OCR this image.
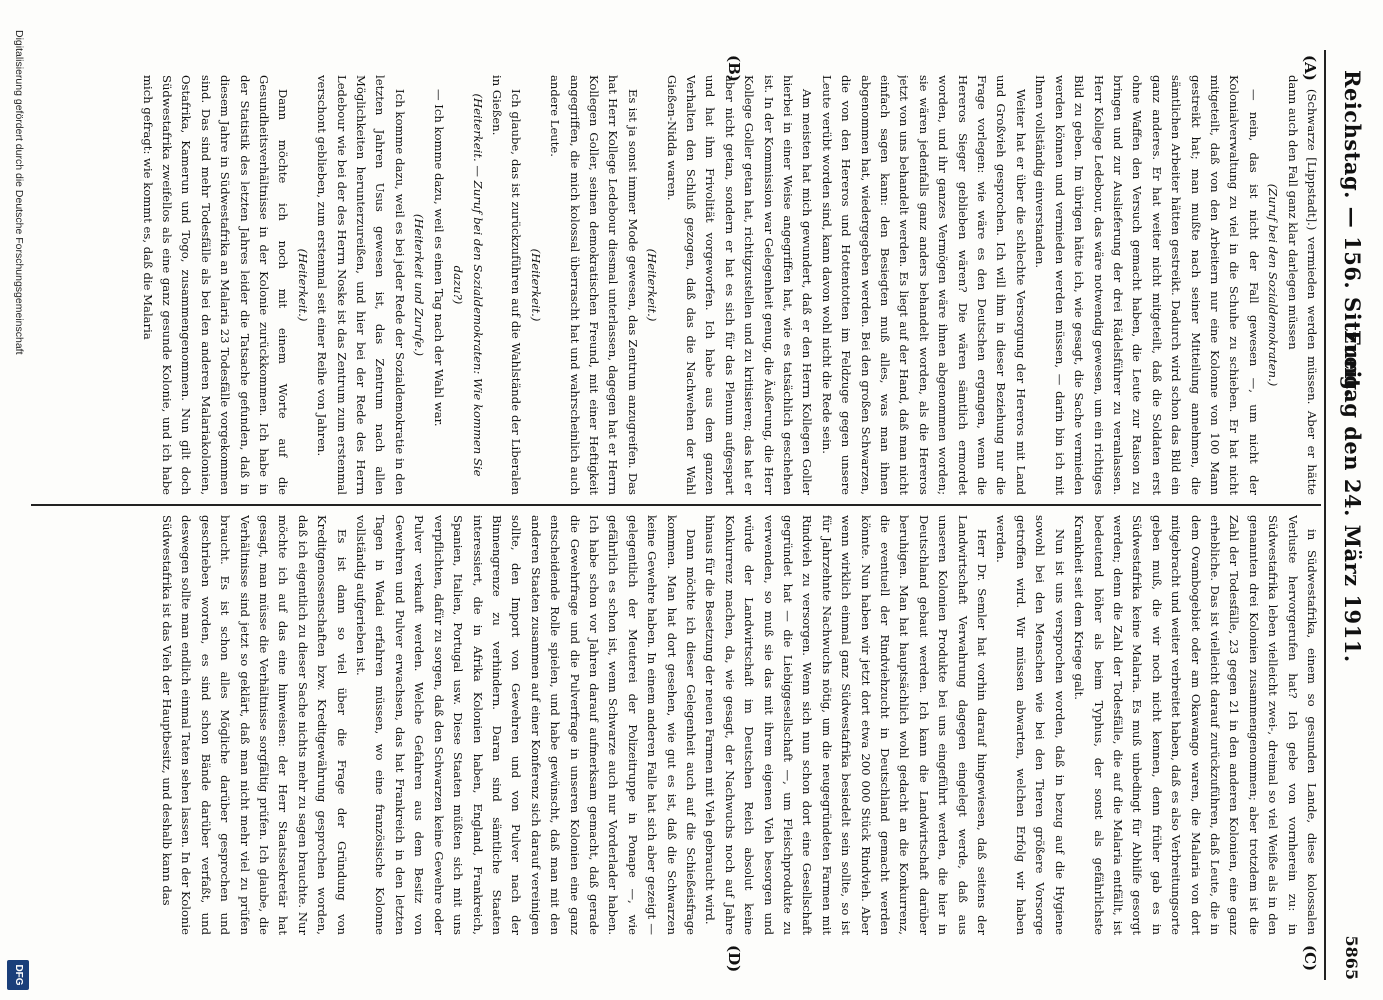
Reichstag. — 156. Sitzung.
Freitag den 24. März 1911.
5865
(A)
(B)
(C)
(D)

(Schwarze [Lippstadt].) vermieden werden müssen. Aber er hätte dann auch den Fall ganz klar darlegen müssen

(Zuruf bei den Sozialdemokraten.)

— nein, das ist nicht der Fall gewesen —, um nicht der Kolonialverwaltung zu viel in die Schuhe zu schieben. Er hat nicht mitgeteilt, daß von den Arbeitern nur eine Kolonne von 100 Mann gestreikt hat; man mußte nach seiner Mitteilung annehmen, die sämtlichen Arbeiter hätten gestreikt. Dadurch wird schon das Bild ein ganz anderes. Er hat weiter nicht mitgeteilt, daß die Soldaten erst ohne Waffen den Versuch gemacht haben, die Leute zur Raison zu bringen und zur Auslieferung der drei Rädelsführer zu veranlassen. Herr Kollege Ledebour, das wäre notwendig gewesen, um ein richtiges Bild zu geben. Im übrigen hätte ich, wie gesagt, die Sache vermieden werden können und vermieden werden müssen, — darin bin ich mit Ihnen vollständig einverstanden.

Weiter hat er über die schlechte Versorgung der Hereros mit Land und Großvieh gesprochen. Ich will ihm in dieser Beziehung nur die Frage vorlegen: wie wäre es den Deutschen ergangen, wenn die Hereros Sieger geblieben wären? Die wären sämtlich ermordet worden, und ihr ganzes Vermögen wäre ihnen abgenommen worden; sie wären jedenfalls ganz anders behandelt worden, als die Hereros jetzt von uns behandelt werden. Es liegt auf der Hand, daß man nicht einfach sagen kann: den Besiegten muß alles, was man ihnen abgenommen hat, wiedergegeben werden. Bei den großen Schwarzen, die von den Hereros und Hottentotten im Feldzuge gegen unsere Leute verübt worden sind, kann davon wohl nicht die Rede sein.

Am meisten hat mich gewundert, daß er den Herrn Kollegen Goller hierbei in einer Weise angegriffen hat, wie es tatsächlich geschehen ist. In der Kommission war Gelegenheit genug, die Äußerung, die Herr Kollege Goller getan hat, richtigzustellen und zu kritisieren; das hat er aber nicht getan, sondern er hat es sich für das Plenum aufgespart und hat ihm Frivolität vorgeworfen. Ich habe aus dem ganzen Verhalten den Schluß gezogen, daß das die Nachwehen der Wahl Gießen-Nidda waren.

(Heiterkeit.)

Es ist ja sonst immer Mode gewesen, das Zentrum anzugreifen. Das hat Herr Kollege Ledebour diesmal unterlassen, dagegen hat er Herrn Kollegen Goller, seinen demokratischen Freund, mit einer Heftigkeit angegriffen, die mich kolossal überrascht hat und wahrscheinlich auch andere Leute.

(Heiterkeit.)

Ich glaube, das ist zurückzuführen auf die Wahlstände der Liberalen in Gießen.

(Heiterkeit. — Zuruf bei den Sozialdemokraten: Wie kommen Sie dazu?)

— Ich komme dazu, weil es einen Tag nach der Wahl war.

(Heiterkeit und Zurufe.)

Ich komme dazu, weil es bei jeder Rede der Sozialdemokratie in den letzten Jahren Usus gewesen ist, das Zentrum nach allen Möglichkeiten herunterzureißen, und hier bei der Rede des Herrn Ledebour wie bei der des Herrn Noske ist das Zentrum zum erstenmal verschont geblieben, zum erstenmal seit einer Reihe von Jahren.

(Heiterkeit.)

Dann möchte ich noch mit einem Worte auf die Gesundheitsverhältnisse in der Kolonie zurückkommen. Ich habe in der Statistik des letzten Jahres leider die Tatsache gefunden, daß in diesem Jahre in Südwestafrika an Malaria 23 Todesfälle vorgekommen sind. Das sind mehr Todesfälle als bei den anderen Malariakolonien, Ostafrika, Kamerun und Togo, zusammengenommen. Nun gilt doch Südwestafrika zweifellos als eine ganz gesunde Kolonie, und ich habe mich gefragt: wie kommt es, daß die Malaria

in Südwestafrika, einem so gesunden Lande, diese kolossalen Verluste hervorgerufen hat? Ich gebe von vornherein zu: in Südwestafrika leben vielleicht zwei-, dreimal so viel Weiße als in den genannten drei Kolonien zusammengenommen; aber trotzdem ist die Zahl der Todesfälle, 23 gegen 21 in den anderen Kolonien, eine ganz erhebliche. Das ist vielleicht darauf zurückzuführen, daß Leute, die in dem Ovambogebiet oder am Okawango waren, die Malaria von dort mitgebracht und weiter verbreitet haben, daß es also Verbreitungsorte geben muß, die wir noch nicht kennen, denn früher gab es in Südwestafrika keine Malaria. Es muß unbedingt für Abhilfe gesorgt werden; denn die Zahl der Todesfälle, die auf die Malaria entfällt, ist bedeutend höher als beim Typhus, der sonst als gefährlichste Krankheit seit dem Kriege galt.

Nun ist uns versprochen worden, daß in bezug auf die Hygiene sowohl bei den Menschen wie bei den Tieren größere Vorsorge getroffen wird. Wir müssen abwarten, welchen Erfolg wir haben werden.

Herr Dr. Semler hat vorhin darauf hingewiesen, daß seitens der Landwirtschaft Verwahrung dagegen eingelegt werde, daß aus unseren Kolonien Produkte bei uns eingeführt werden, die hier in Deutschland gebaut werden. Ich kann die Landwirtschaft darüber beruhigen. Man hat hauptsächlich wohl gedacht an die Konkurrenz, die eventuell der Rindviehzucht in Deutschland gemacht werden könnte. Nun haben wir jetzt dort etwa 200 000 Stück Rindvieh. Aber wenn wirklich einmal ganz Südwestafrika besiedelt sein sollte, so ist für Jahrzehnte Nachwuchs nötig, um die neugegründeten Farmen mit Rindvieh zu versorgen. Wenn sich nun schon dort eine Gesellschaft gegründet hat — die Liebiggesellschaft —, um Fleischprodukte zu verwenden, so muß sie das mit ihrem eigenen Vieh besorgen und würde der Landwirtschaft im Deutschen Reich absolut keine Konkurrenz machen, da, wie gesagt, der Nachwuchs noch auf Jahre hinaus für die Besetzung der neuen Farmen mit Vieh gebraucht wird.

Dann möchte ich dieser Gelegenheit auch auf die Schießeisfrage kommen. Man hat dort gesehen, wie gut es ist, daß die Schwarzen keine Gewehre haben. In einem anderen Falle hat sich aber gezeigt — gelegentlich der Meuterei der Polizeitruppe in Ponape —, wie gefährlich es schon ist, wenn Schwarze auch nur Vorderlader haben. Ich habe schon vor Jahren darauf aufmerksam gemacht, daß gerade die Gewehrfrage und die Pulverfrage in unseren Kolonien eine ganz entscheidende Rolle spielen, und habe gewünscht, daß man mit den anderen Staaten zusammen auf einer Konferenz sich darauf vereinigen sollte, den Import von Gewehren und von Pulver nach der Binnengrenze zu verhindern. Daran sind sämtliche Staaten interessiert, die in Afrika Kolonien haben, England, Frankreich, Spanien, Italien, Portugal usw. Diese Staaten müßten sich mit uns verpflichten, dafür zu sorgen, daß den Schwarzen keine Gewehre oder Pulver verkauft werden. Welche Gefahren aus dem Besitz von Gewehren und Pulver erwachsen, das hat Frankreich in den letzten Tagen in Wadai erfahren müssen, wo eine französische Kolonne vollständig aufgerieben ist.

Es ist dann so viel über die Frage der Gründung von Kreditgenossenschaften bzw. Kreditgewährung gesprochen worden, daß ich eigentlich zu dieser Sache nichts mehr zu sagen brauchte. Nur möchte ich auf das eine hinweisen: der Herr Staatssekretär hat gesagt, man müsse die Verhältnisse sorgfältig prüfen. Ich glaube, die Verhältnisse sind jetzt so geklärt, daß man nicht mehr viel zu prüfen braucht. Es ist schon alles Mögliche darüber gesprochen und geschrieben worden, es sind schon Bände darüber verfaßt, und deswegen sollte man endlich einmal Taten sehen lassen. In der Kolonie Südwestafrika ist das Vieh der Hauptbesitz, und deshalb kann das

Digitalisierung gefördert durch die Deutsche Forschungsgemeinschaft
DFG
